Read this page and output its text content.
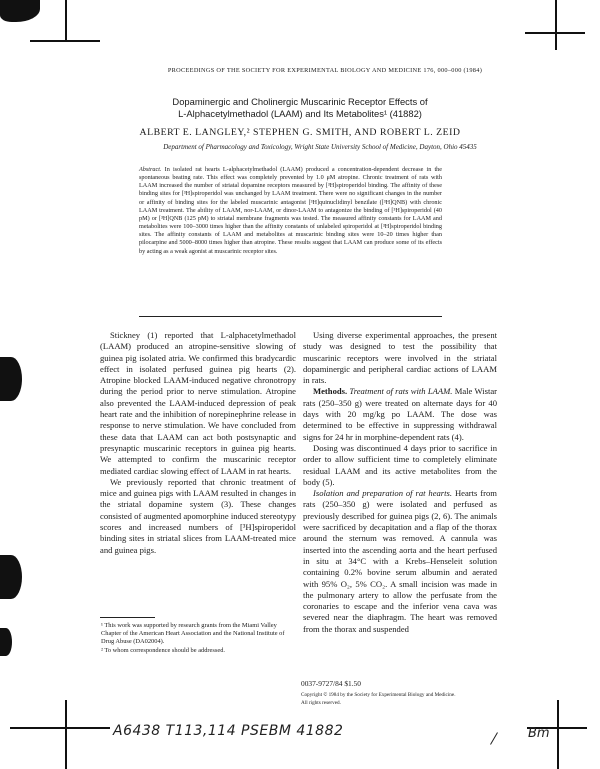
PROCEEDINGS OF THE SOCIETY FOR EXPERIMENTAL BIOLOGY AND MEDICINE 176, 000–000 (1984)
Dopaminergic and Cholinergic Muscarinic Receptor Effects of
L-Alphacetylmethadol (LAAM) and Its Metabolites¹ (41882)
ALBERT E. LANGLEY,² STEPHEN G. SMITH, AND ROBERT L. ZEID
Department of Pharmacology and Toxicology, Wright State University School of Medicine, Dayton, Ohio 45435
Abstract. In isolated rat hearts L-alphacetylmethadol (LAAM) produced a concentration-dependent decrease in the spontaneous beating rate. This effect was completely prevented by 1.0 μM atropine. Chronic treatment of rats with LAAM increased the number of striatal dopamine receptors measured by [³H]spiroperidol binding. The affinity of these binding sites for [³H]spiroperidol was unchanged by LAAM treatment. There were no significant changes in the number or affinity of binding sites for the labeled muscarinic antagonist [³H]quinuclidinyl benzilate ([³H]QNB) with chronic LAAM treatment. The ability of LAAM, nor-LAAM, or dinor-LAAM to antagonize the binding of [³H]spiroperidol (40 pM) or [³H]QNB (125 pM) to striatal membrane fragments was tested. The measured affinity constants for LAAM and metabolites were 100–3000 times higher than the affinity constants of unlabeled spiroperidol at [³H]spiroperidol binding sites. The affinity constants of LAAM and metabolites at muscarinic binding sites were 10–20 times higher than pilocarpine and 5000–8000 times higher than atropine. These results suggest that LAAM can produce some of its effects by acting as a weak agonist at muscarinic receptor sites.

Stickney (1) reported that L-alphacetylmethadol (LAAM) produced an atropine-sensitive slowing of guinea pig isolated atria. We confirmed this bradycardic effect in isolated perfused guinea pig hearts (2). Atropine blocked LAAM-induced negative chronotropy during the period prior to nerve stimulation. Atropine also prevented the LAAM-induced depression of peak heart rate and the inhibition of norepinephrine release in response to nerve stimulation. We have concluded from these data that LAAM can act both postsynaptic and presynaptic muscarinic receptors in guinea pig hearts. We attempted to confirm the muscarinic receptor mediated cardiac slowing effect of LAAM in rat hearts.

We previously reported that chronic treatment of mice and guinea pigs with LAAM resulted in changes in the striatal dopamine system (3). These changes consisted of augmented apomorphine induced stereotypy scores and increased numbers of [³H]spiroperidol binding sites in striatal slices from LAAM-treated mice and guinea pigs.

¹ This work was supported by research grants from the Miami Valley Chapter of the American Heart Association and the National Institute of Drug Abuse (DA02004).

² To whom correspondence should be addressed.

Using diverse experimental approaches, the present study was designed to test the possibility that muscarinic receptors were involved in the striatal dopaminergic and peripheral cardiac actions of LAAM in rats.

Methods. Treatment of rats with LAAM. Male Wistar rats (250–350 g) were treated on alternate days for 40 days with 20 mg/kg po LAAM. The dose was determined to be effective in suppressing withdrawal signs for 24 hr in morphine-dependent rats (4).

Dosing was discontinued 4 days prior to sacrifice in order to allow sufficient time to completely eliminate residual LAAM and its active metabolites from the body (5).

Isolation and preparation of rat hearts. Hearts from rats (250–350 g) were isolated and perfused as previously described for guinea pigs (2, 6). The animals were sacrificed by decapitation and a flap of the thorax around the sternum was removed. A cannula was inserted into the ascending aorta and the heart perfused in situ at 34°C with a Krebs–Henseleit solution containing 0.2% bovine serum albumin and aerated with 95% O₂, 5% CO₂. A small incision was made in the pulmonary artery to allow the perfusate from the coronaries to escape and the inferior vena cava was severed near the diaphragm. The heart was removed from the thorax and suspended

0037-9727/84 $1.50
Copyright © 1984 by the Society for Experimental Biology and Medicine.
All rights reserved.
A6438 T113,114 PSEBM 41882	Bm
